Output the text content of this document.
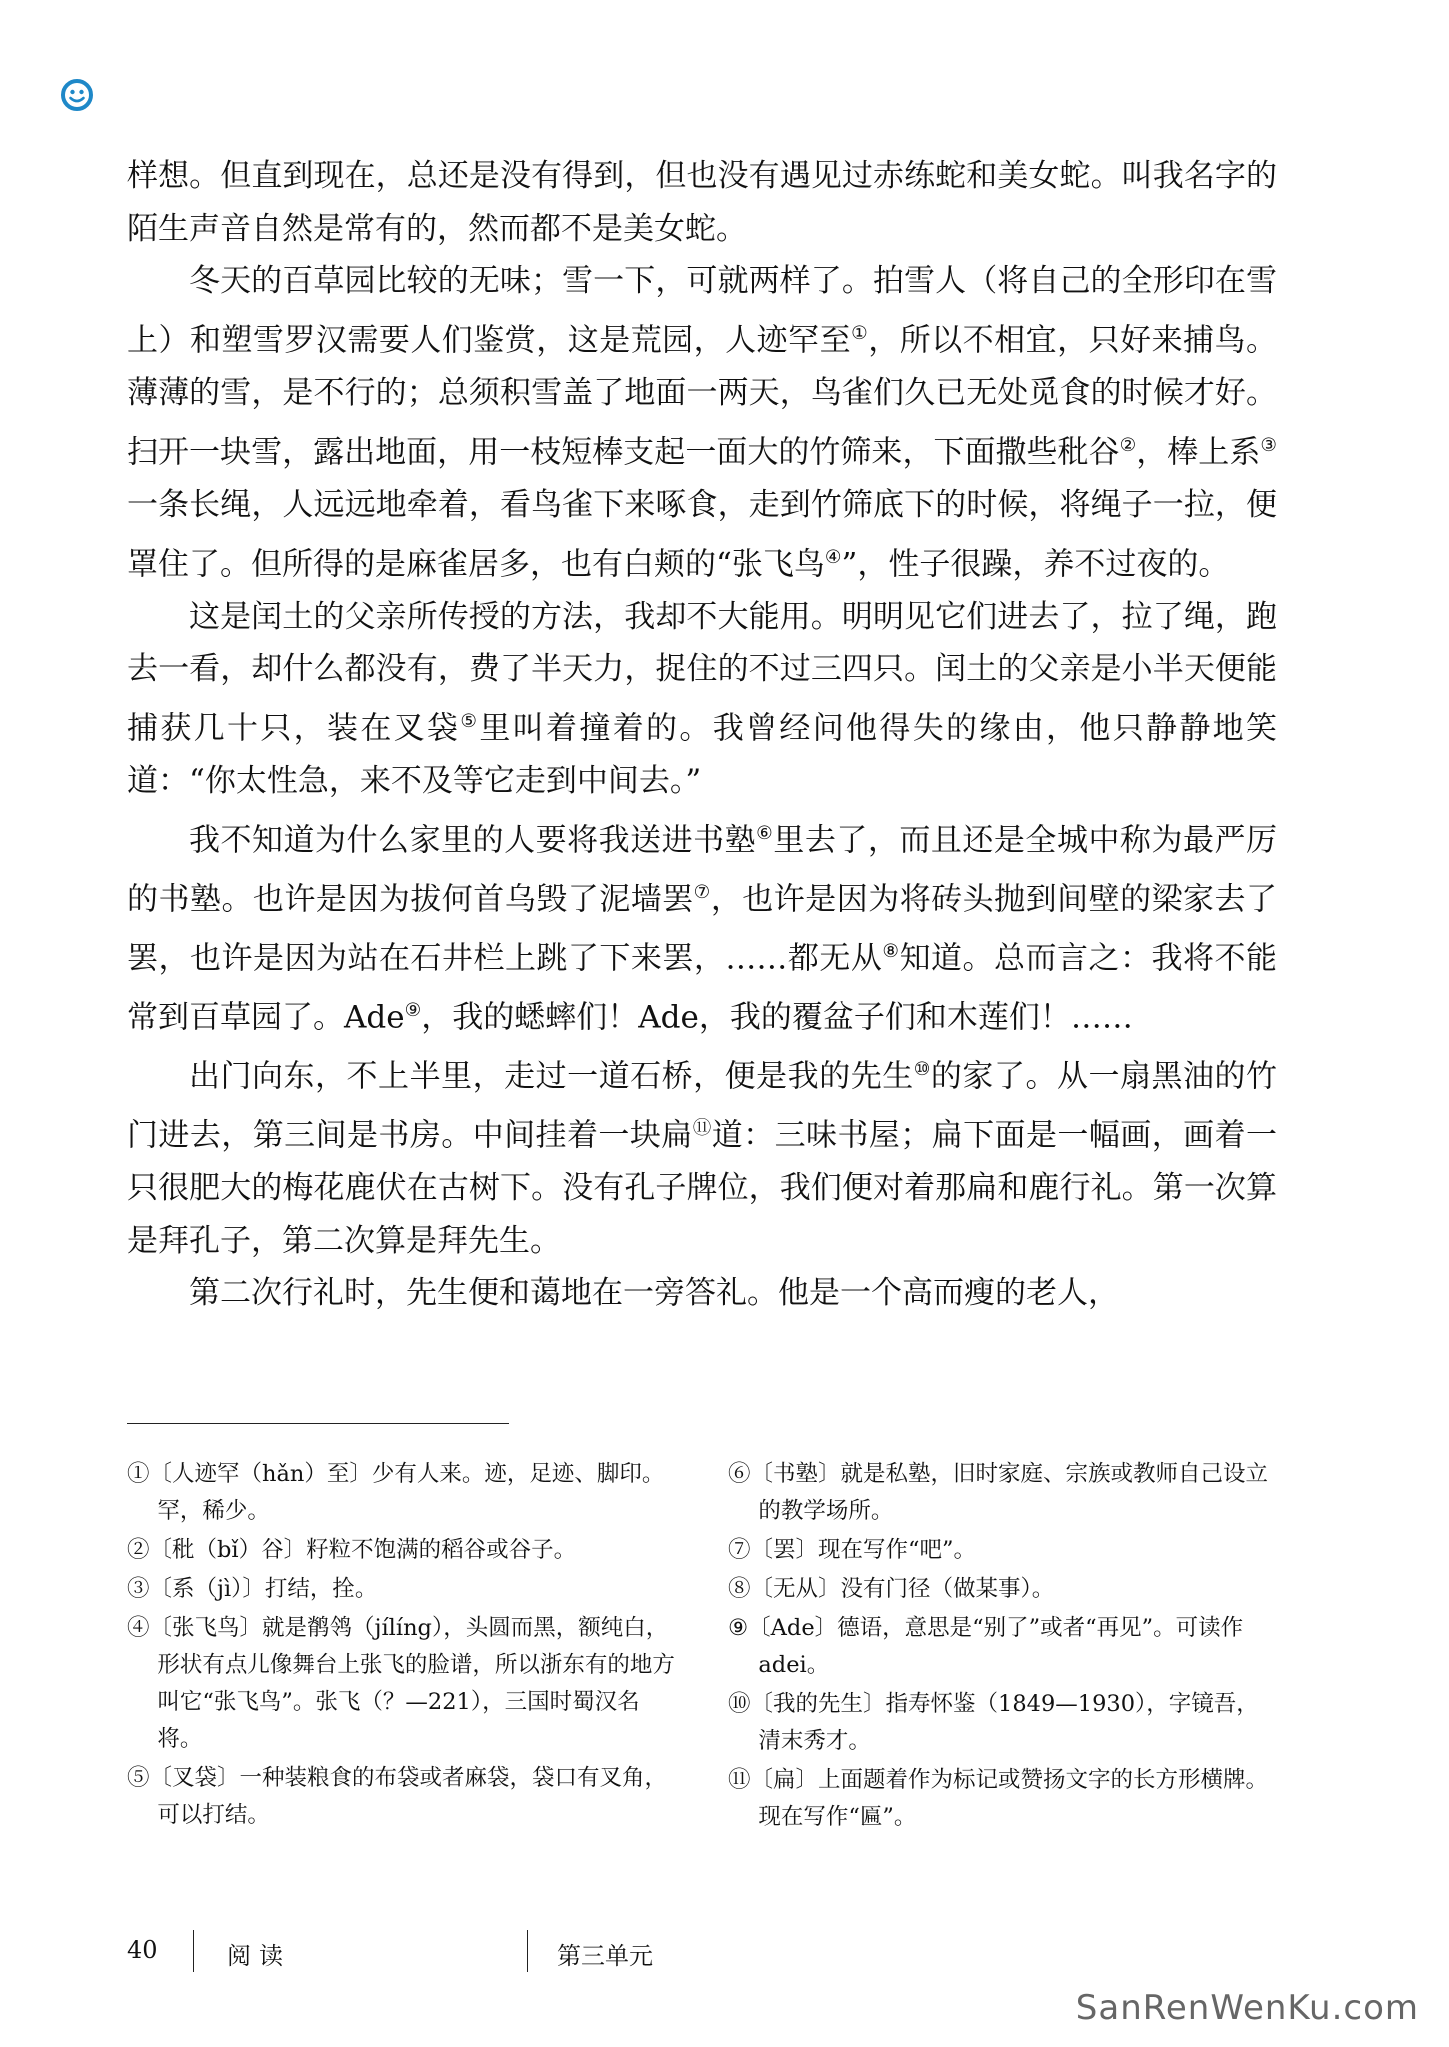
样想。但直到现在，总还是没有得到，但也没有遇见过赤练蛇和美女蛇。叫我名字的陌生声音自然是常有的，然而都不是美女蛇。

冬天的百草园比较的无味；雪一下，可就两样了。拍雪人（将自己的全形印在雪上）和塑雪罗汉需要人们鉴赏，这是荒园，人迹罕至①，所以不相宜，只好来捕鸟。薄薄的雪，是不行的；总须积雪盖了地面一两天，鸟雀们久已无处觅食的时候才好。扫开一块雪，露出地面，用一枝短棒支起一面大的竹筛来，下面撒些秕谷②，棒上系③一条长绳，人远远地牵着，看鸟雀下来啄食，走到竹筛底下的时候，将绳子一拉，便罩住了。但所得的是麻雀居多，也有白颊的“张飞鸟④”，性子很躁，养不过夜的。

这是闰土的父亲所传授的方法，我却不大能用。明明见它们进去了，拉了绳，跑去一看，却什么都没有，费了半天力，捉住的不过三四只。闰土的父亲是小半天便能捕获几十只，装在叉袋⑤里叫着撞着的。我曾经问他得失的缘由，他只静静地笑道：“你太性急，来不及等它走到中间去。”

我不知道为什么家里的人要将我送进书塾⑥里去了，而且还是全城中称为最严厉的书塾。也许是因为拔何首乌毁了泥墙罢⑦，也许是因为将砖头抛到间壁的梁家去了罢，也许是因为站在石井栏上跳了下来罢，……都无从⑧知道。总而言之：我将不能常到百草园了。Ade⑨，我的蟋蟀们！Ade，我的覆盆子们和木莲们！……

出门向东，不上半里，走过一道石桥，便是我的先生⑩的家了。从一扇黑油的竹门进去，第三间是书房。中间挂着一块扁⑪道：三味书屋；扁下面是一幅画，画着一只很肥大的梅花鹿伏在古树下。没有孔子牌位，我们便对着那扁和鹿行礼。第一次算是拜孔子，第二次算是拜先生。

第二次行礼时，先生便和蔼地在一旁答礼。他是一个高而瘦的老人，

①〔人迹罕（hǎn）至〕少有人来。迹，足迹、脚印。罕，稀少。

②〔秕（bǐ）谷〕籽粒不饱满的稻谷或谷子。

③〔系（jì）〕打结，拴。

④〔张飞鸟〕就是鹡鸰（jílíng），头圆而黑，额纯白，形状有点儿像舞台上张飞的脸谱，所以浙东有的地方叫它“张飞鸟”。张飞（？—221），三国时蜀汉名将。

⑤〔叉袋〕一种装粮食的布袋或者麻袋，袋口有叉角，可以打结。

⑥〔书塾〕就是私塾，旧时家庭、宗族或教师自己设立的教学场所。

⑦〔罢〕现在写作“吧”。

⑧〔无从〕没有门径（做某事）。

⑨〔Ade〕德语，意思是“别了”或者“再见”。可读作adei。

⑩〔我的先生〕指寿怀鉴（1849—1930），字镜吾，清末秀才。

⑪〔扁〕上面题着作为标记或赞扬文字的长方形横牌。现在写作“匾”。

40	阅读	第三单元
SanRenWenKu.com
